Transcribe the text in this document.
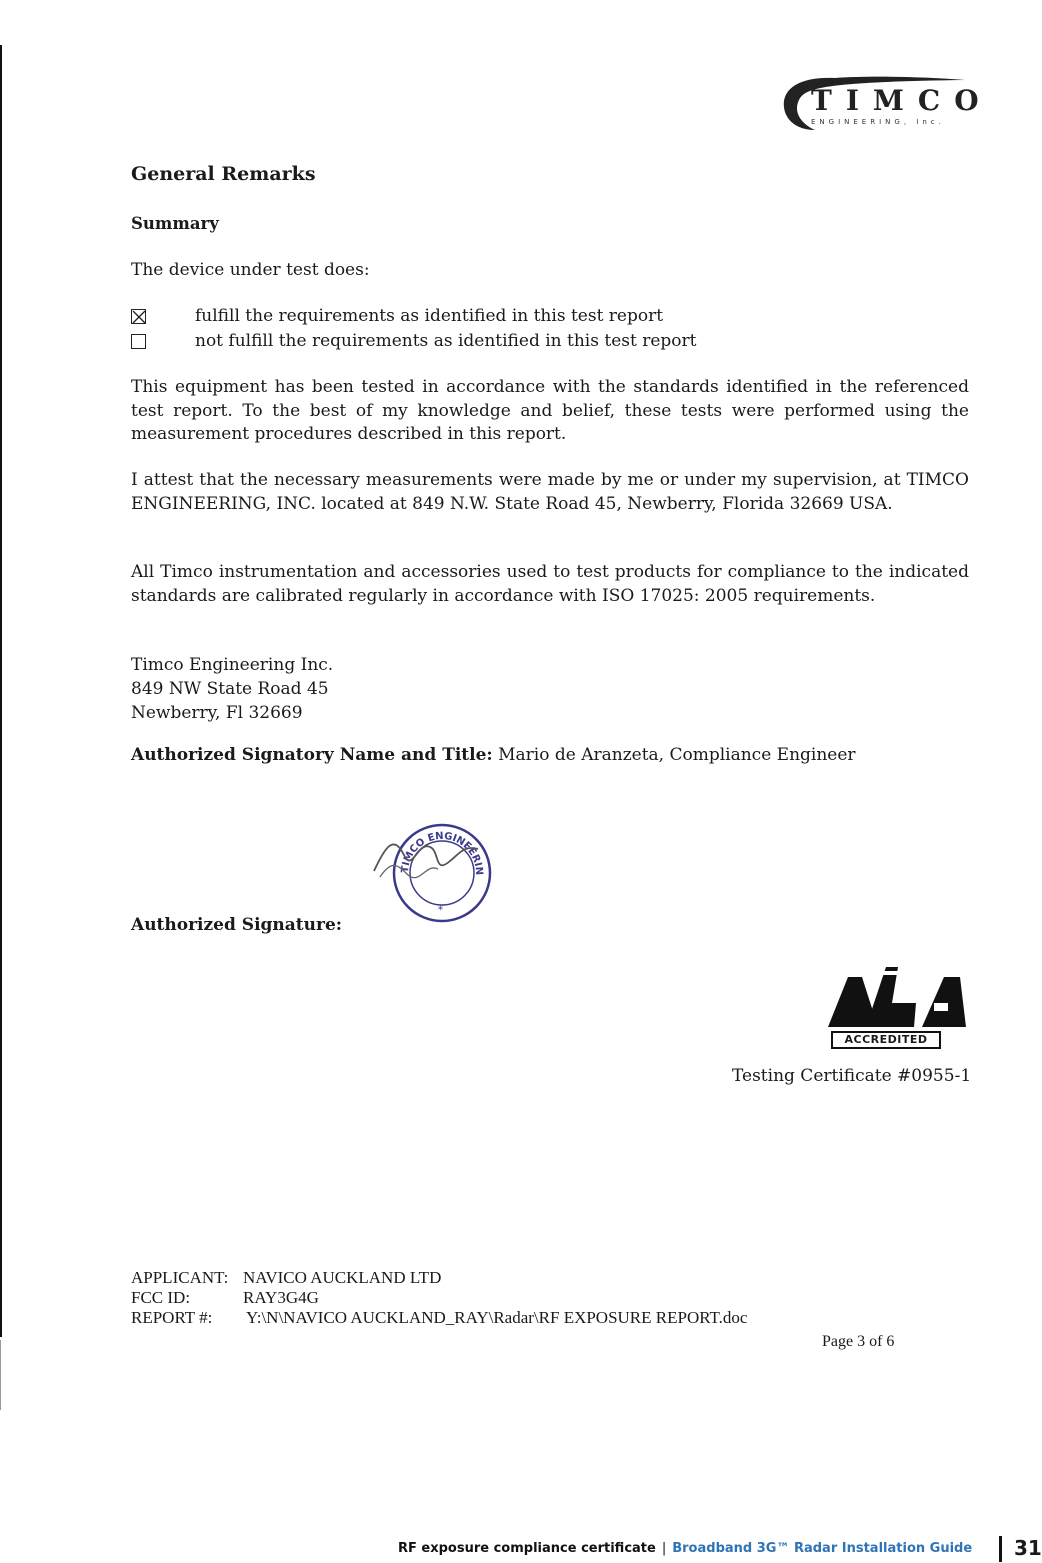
TIMCO
ENGINEERING, Inc.
General Remarks
Summary
The device under test does:
fulfill the requirements as identified in this test report
not fulfill the requirements as identified in this test report
This equipment has been tested in accordance with the standards identified in the referenced test report. To the best of my knowledge and belief, these tests were performed using the measurement procedures described in this report.
I attest that the necessary measurements were made by me or under my supervision, at TIMCO ENGINEERING, INC. located at 849 N.W. State Road 45, Newberry, Florida 32669 USA.
All Timco instrumentation and accessories used to test products for compliance to the indicated standards are calibrated regularly in accordance with ISO 17025: 2005 requirements.
Timco Engineering Inc.
849 NW State Road 45
Newberry, Fl 32669
Authorized Signatory Name and Title: Mario de Aranzeta, Compliance Engineer
TIMCO ENGINEERIN
*
Authorized Signature:
ACCREDITED
Testing Certificate #0955-1
APPLICANT: NAVICO AUCKLAND LTD
FCC ID:	RAY3G4G
REPORT #: Y:\N\NAVICO AUCKLAND_RAY\Radar\RF EXPOSURE REPORT.doc
Page 3 of 6
RF exposure compliance certificate | Broadband 3G™ Radar Installation Guide 31
